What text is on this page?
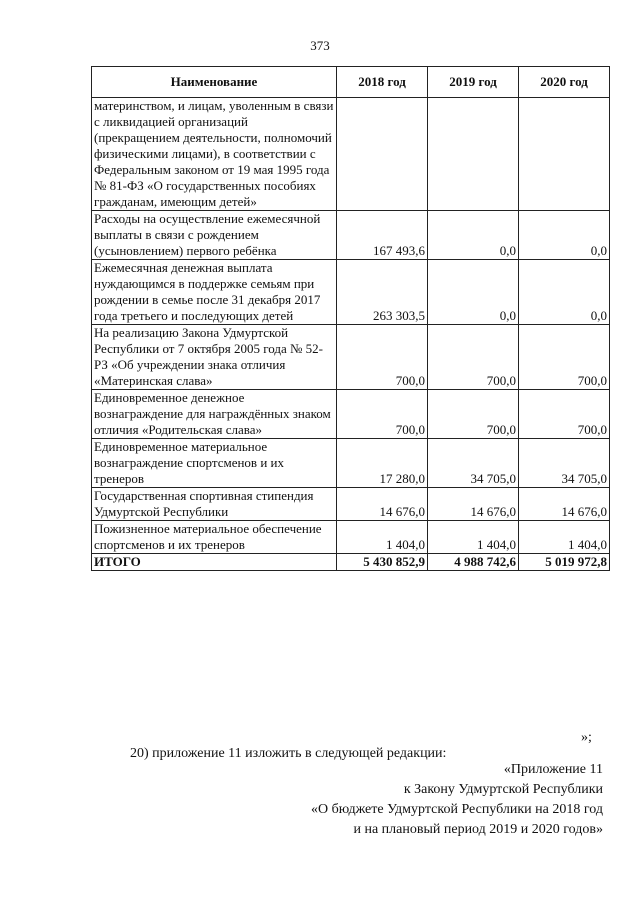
373
Наименование	2018 год	2019 год	2020 год
материнством, и лицам, уволенным в связи с ликвидацией организаций (прекращением деятельности, полномочий физическими лицами), в соответствии с Федеральным законом от 19 мая 1995 года № 81-ФЗ «О государственных пособиях гражданам, имеющим детей»			
Расходы на осуществление ежемесячной выплаты в связи с рождением (усыновлением) первого ребёнка	167 493,6	0,0	0,0
Ежемесячная денежная выплата нуждающимся в поддержке семьям при рождении в семье после 31 декабря 2017 года третьего и последующих детей	263 303,5	0,0	0,0
На реализацию Закона Удмуртской Республики от 7 октября 2005 года № 52-РЗ «Об учреждении знака отличия «Материнская слава»	700,0	700,0	700,0
Единовременное денежное вознаграждение для награждённых знаком отличия «Родительская слава»	700,0	700,0	700,0
Единовременное материальное вознаграждение спортсменов и их тренеров	17 280,0	34 705,0	34 705,0
Государственная спортивная стипендия Удмуртской Республики	14 676,0	14 676,0	14 676,0
Пожизненное материальное обеспечение спортсменов и их тренеров	1 404,0	1 404,0	1 404,0
ИТОГО	5 430 852,9	4 988 742,6	5 019 972,8
»;
20) приложение 11 изложить в следующей редакции:
«Приложение 11
к Закону Удмуртской Республики
«О бюджете Удмуртской Республики на 2018 год
и на плановый период 2019 и 2020 годов»
